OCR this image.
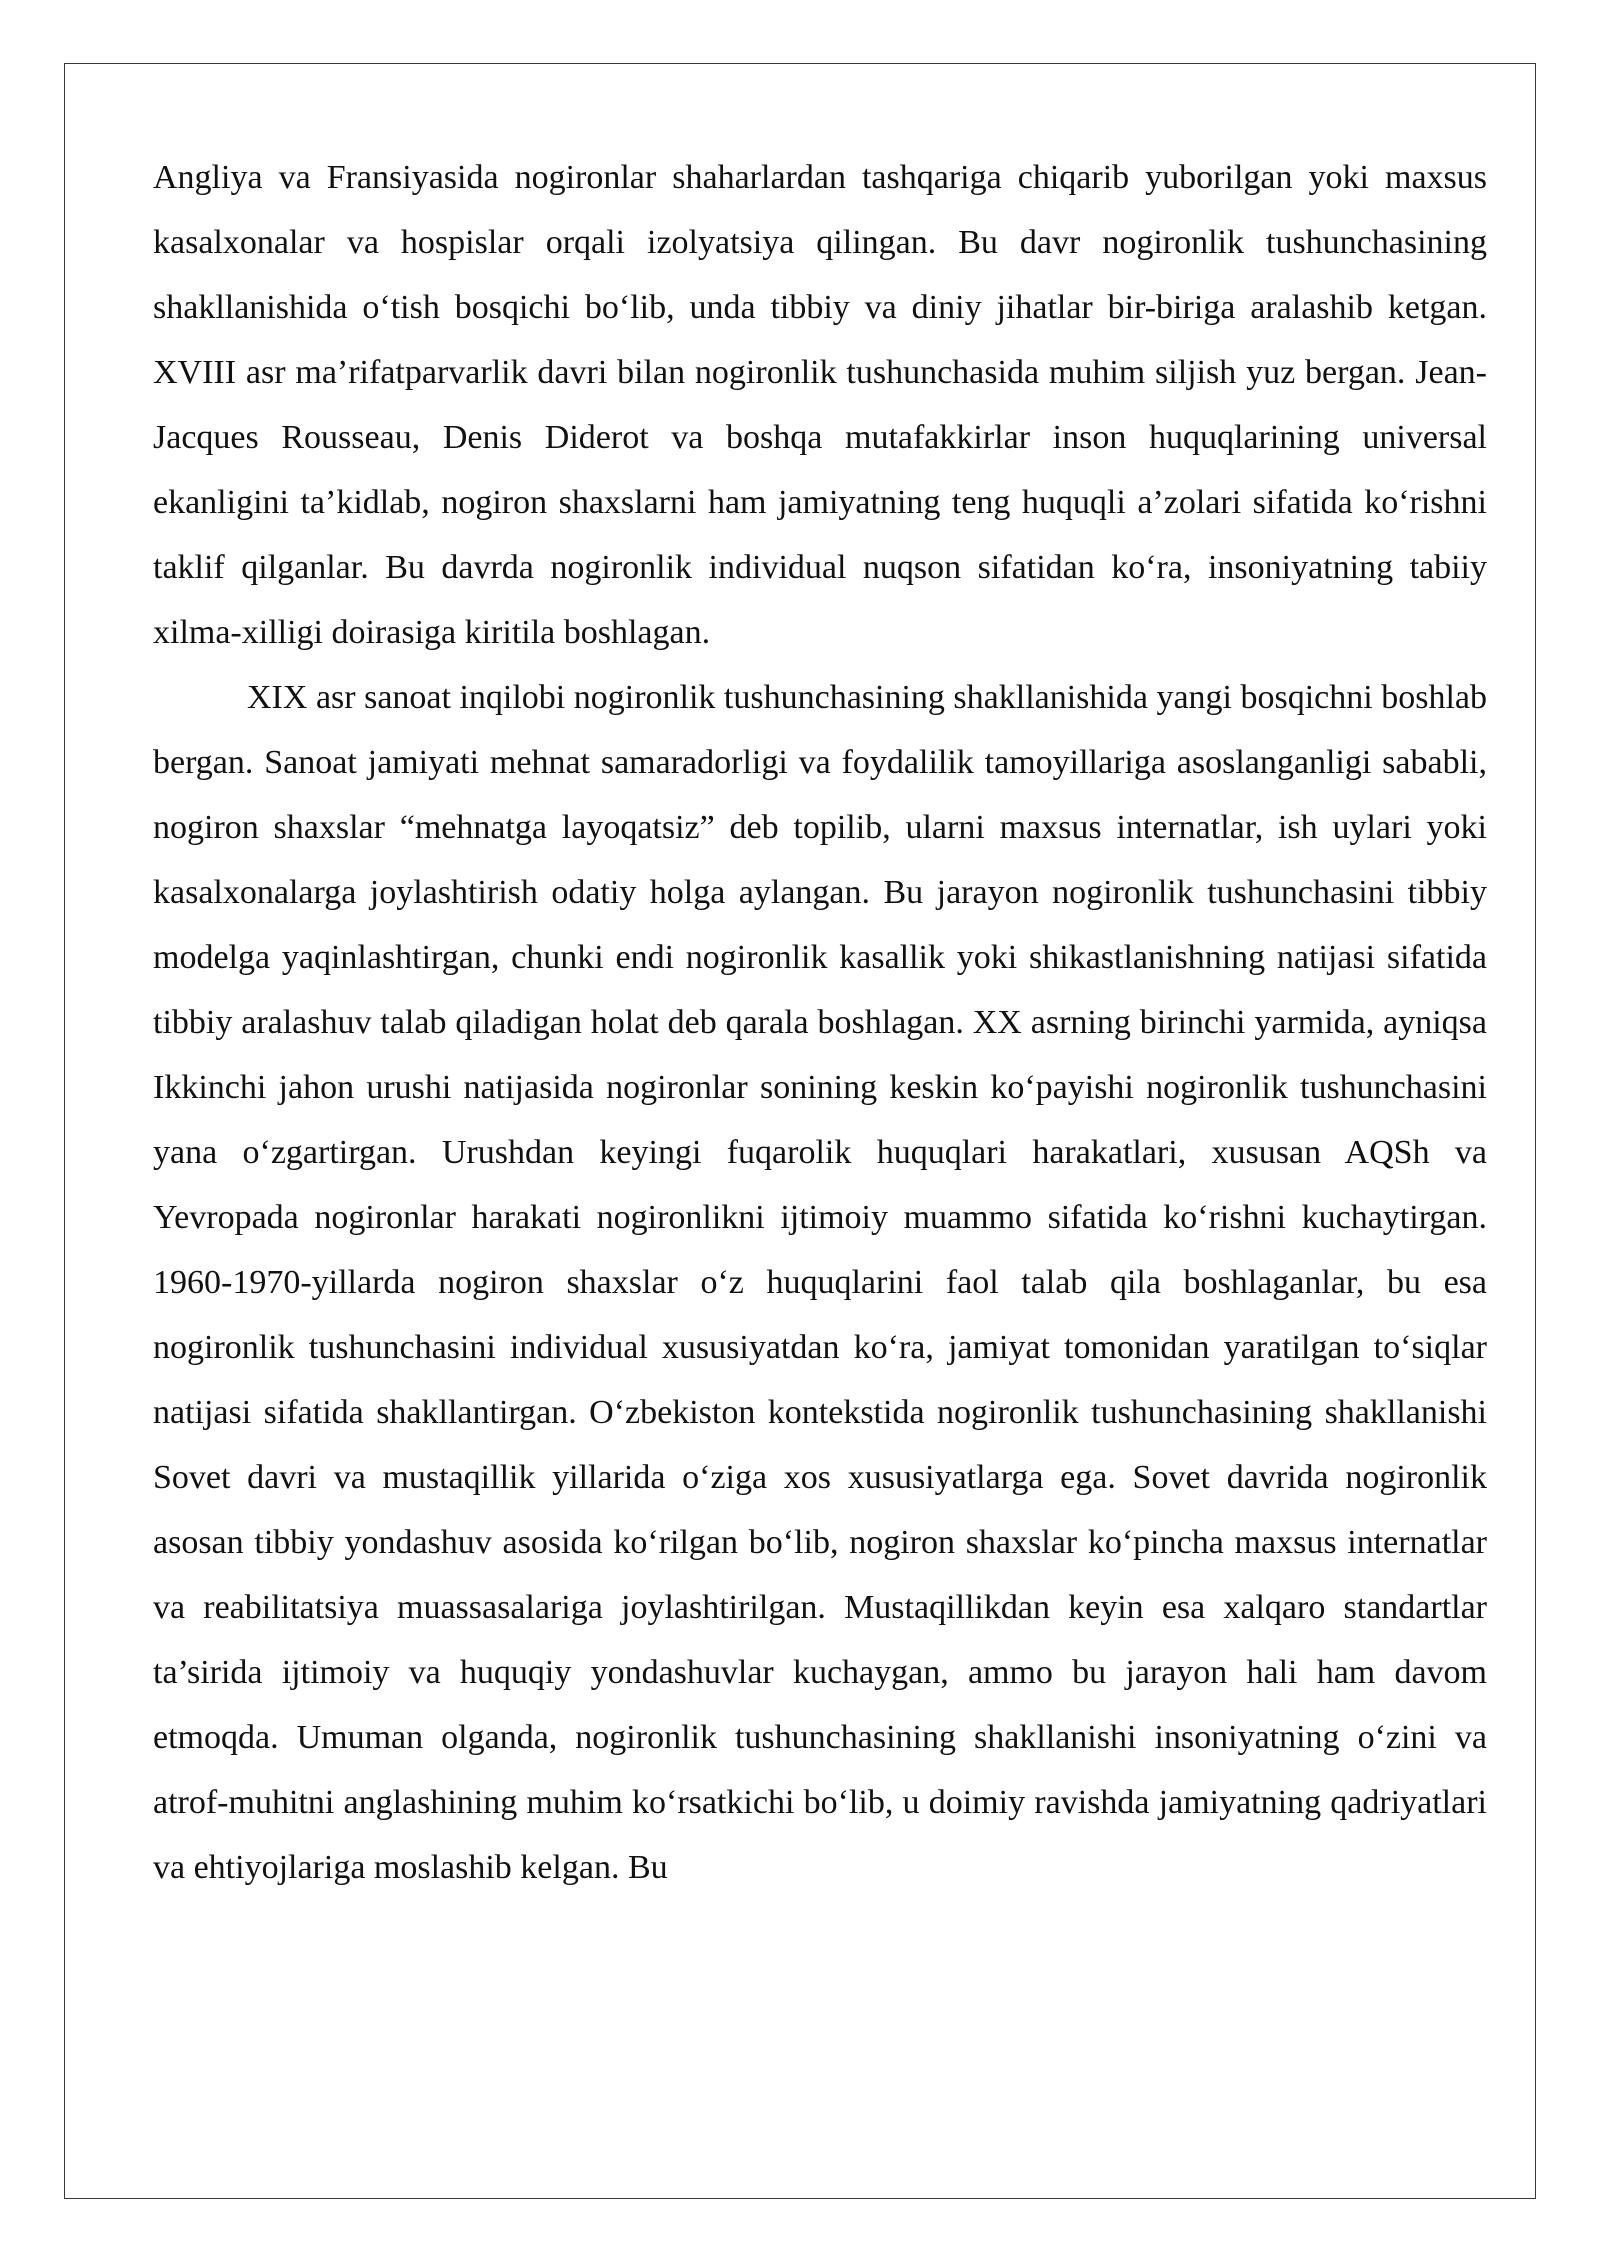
Angliya va Fransiyasida nogironlar shaharlardan tashqariga chiqarib yuborilgan yoki maxsus kasalxonalar va hospislar orqali izolyatsiya qilingan. Bu davr nogironlik tushunchasining shakllanishida o‘tish bosqichi bo‘lib, unda tibbiy va diniy jihatlar bir-biriga aralashib ketgan. XVIII asr ma’rifatparvarlik davri bilan nogironlik tushunchasida muhim siljish yuz bergan. Jean-Jacques Rousseau, Denis Diderot va boshqa mutafakkirlar inson huquqlarining universal ekanligini ta’kidlab, nogiron shaxslarni ham jamiyatning teng huquqli a’zolari sifatida ko‘rishni taklif qilganlar. Bu davrda nogironlik individual nuqson sifatidan ko‘ra, insoniyatning tabiiy xilma-xilligi doirasiga kiritila boshlagan.

XIX asr sanoat inqilobi nogironlik tushunchasining shakllanishida yangi bosqichni boshlab bergan. Sanoat jamiyati mehnat samaradorligi va foydalilik tamoyillariga asoslanganligi sababli, nogiron shaxslar “mehnatga layoqatsiz” deb topilib, ularni maxsus internatlar, ish uylari yoki kasalxonalarga joylashtirish odatiy holga aylangan. Bu jarayon nogironlik tushunchasini tibbiy modelga yaqinlashtirgan, chunki endi nogironlik kasallik yoki shikastlanishning natijasi sifatida tibbiy aralashuv talab qiladigan holat deb qarala boshlagan. XX asrning birinchi yarmida, ayniqsa Ikkinchi jahon urushi natijasida nogironlar sonining keskin ko‘payishi nogironlik tushunchasini yana o‘zgartirgan. Urushdan keyingi fuqarolik huquqlari harakatlari, xususan AQSh va Yevropada nogironlar harakati nogironlikni ijtimoiy muammo sifatida ko‘rishni kuchaytirgan. 1960-1970-yillarda nogiron shaxslar o‘z huquqlarini faol talab qila boshlaganlar, bu esa nogironlik tushunchasini individual xususiyatdan ko‘ra, jamiyat tomonidan yaratilgan to‘siqlar natijasi sifatida shakllantirgan. O‘zbekiston kontekstida nogironlik tushunchasining shakllanishi Sovet davri va mustaqillik yillarida o‘ziga xos xususiyatlarga ega. Sovet davrida nogironlik asosan tibbiy yondashuv asosida ko‘rilgan bo‘lib, nogiron shaxslar ko‘pincha maxsus internatlar va reabilitatsiya muassasalariga joylashtirilgan. Mustaqillikdan keyin esa xalqaro standartlar ta’sirida ijtimoiy va huquqiy yondashuvlar kuchaygan, ammo bu jarayon hali ham davom etmoqda. Umuman olganda, nogironlik tushunchasining shakllanishi insoniyatning o‘zini va atrof-muhitni anglashining muhim ko‘rsatkichi bo‘lib, u doimiy ravishda jamiyatning qadriyatlari va ehtiyojlariga moslashib kelgan. Bu
